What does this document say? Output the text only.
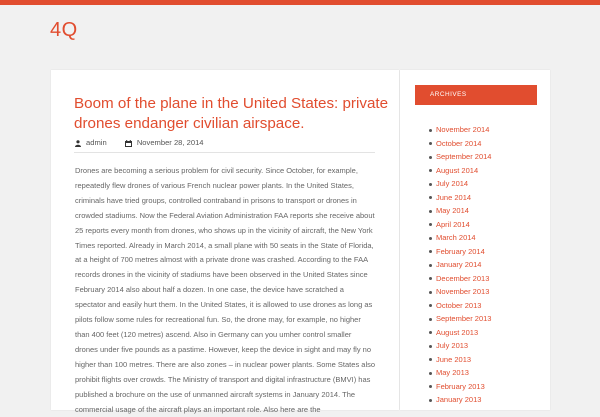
4Q
Boom of the plane in the United States: private drones endanger civilian airspace.
admin
	November 28, 2014

Drones are becoming a serious problem for civil security. Since October, for example, repeatedly flew drones of various French nuclear power plants. In the United States, criminals have tried groups, controlled contraband in prisons to transport or drones in crowded stadiums. Now the Federal Aviation Administration FAA reports she receive about 25 reports every month from drones, who shows up in the vicinity of aircraft, the New York Times reported. Already in March 2014, a small plane with 50 seats in the State of Florida, at a height of 700 metres almost with a private drone was crashed. According to the FAA records drones in the vicinity of stadiums have been observed in the United States since February 2014 also about half a dozen. In one case, the device have scratched a spectator and easily hurt them. In the United States, it is allowed to use drones as long as pilots follow some rules for recreational fun. So, the drone may, for example, no higher than 400 feet (120 metres) ascend. Also in Germany can you umher control smaller drones under five pounds as a pastime. However, keep the device in sight and may fly no higher than 100 metres. There are also zones – in nuclear power plants. Some States also prohibit flights over crowds. The Ministry of transport and digital infrastructure (BMVI) has published a brochure on the use of unmanned aircraft systems in January 2014. The commercial usage of the aircraft plays an important role. Also here are the

ARCHIVES
November 2014
October 2014
September 2014
August 2014
July 2014
June 2014
May 2014
April 2014
March 2014
February 2014
January 2014
December 2013
November 2013
October 2013
September 2013
August 2013
July 2013
June 2013
May 2013
February 2013
January 2013
